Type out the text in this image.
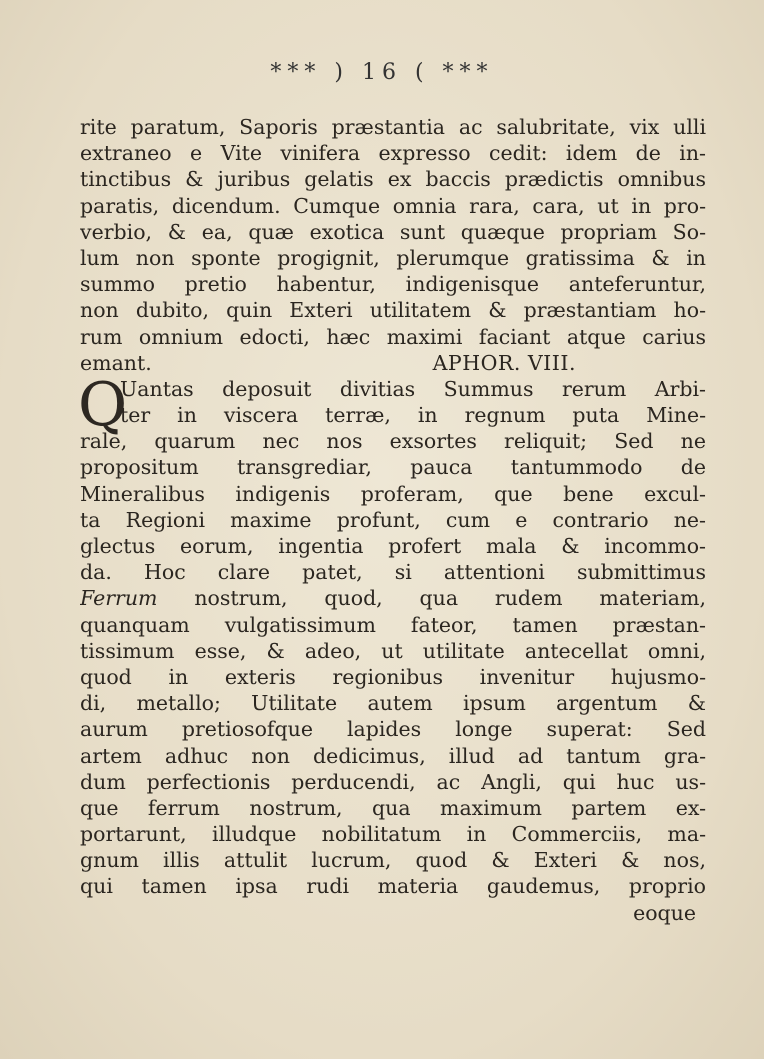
*** ) 16 ( ***
rite paratum, Saporis præstantia ac salubritate, vix ulli
extraneo e Vite vinifera expresso cedit: idem de in-
tinctibus & juribus gelatis ex baccis prædictis omnibus
paratis, dicendum. Cumque omnia rara, cara, ut in pro-
verbio, & ea, quæ exotica sunt quæque propriam So-
lum non sponte progignit, plerumque gratissima & in
summo pretio habentur, indigenisque anteferuntur,
non dubito, quin Exteri utilitatem & præstantiam ho-
rum omnium edocti, hæc maximi faciant atque carius
emant.	APHOR. VIII.
Q
Uantas deposuit divitias Summus rerum Arbi-
ter in viscera terræ, in regnum puta Mine-
rale, quarum nec nos exsortes reliquit; Sed ne
propositum transgrediar, pauca tantummodo de
Mineralibus indigenis proferam, que bene excul-
ta Regioni maxime profunt, cum e contrario ne-
glectus eorum, ingentia profert mala & incommo-
da. Hoc clare patet, si attentioni submittimus
Ferrum nostrum, quod, qua rudem materiam,
quanquam vulgatissimum fateor, tamen præstan-
tissimum esse, & adeo, ut utilitate antecellat omni,
quod in exteris regionibus invenitur hujusmo-
di, metallo; Utilitate autem ipsum argentum &
aurum pretiosofque lapides longe superat: Sed
artem adhuc non dedicimus, illud ad tantum gra-
dum perfectionis perducendi, ac Angli, qui huc us-
que ferrum nostrum, qua maximum partem ex-
portarunt, illudque nobilitatum in Commerciis, ma-
gnum illis attulit lucrum, quod & Exteri & nos,
qui tamen ipsa rudi materia gaudemus, proprio
eoque
